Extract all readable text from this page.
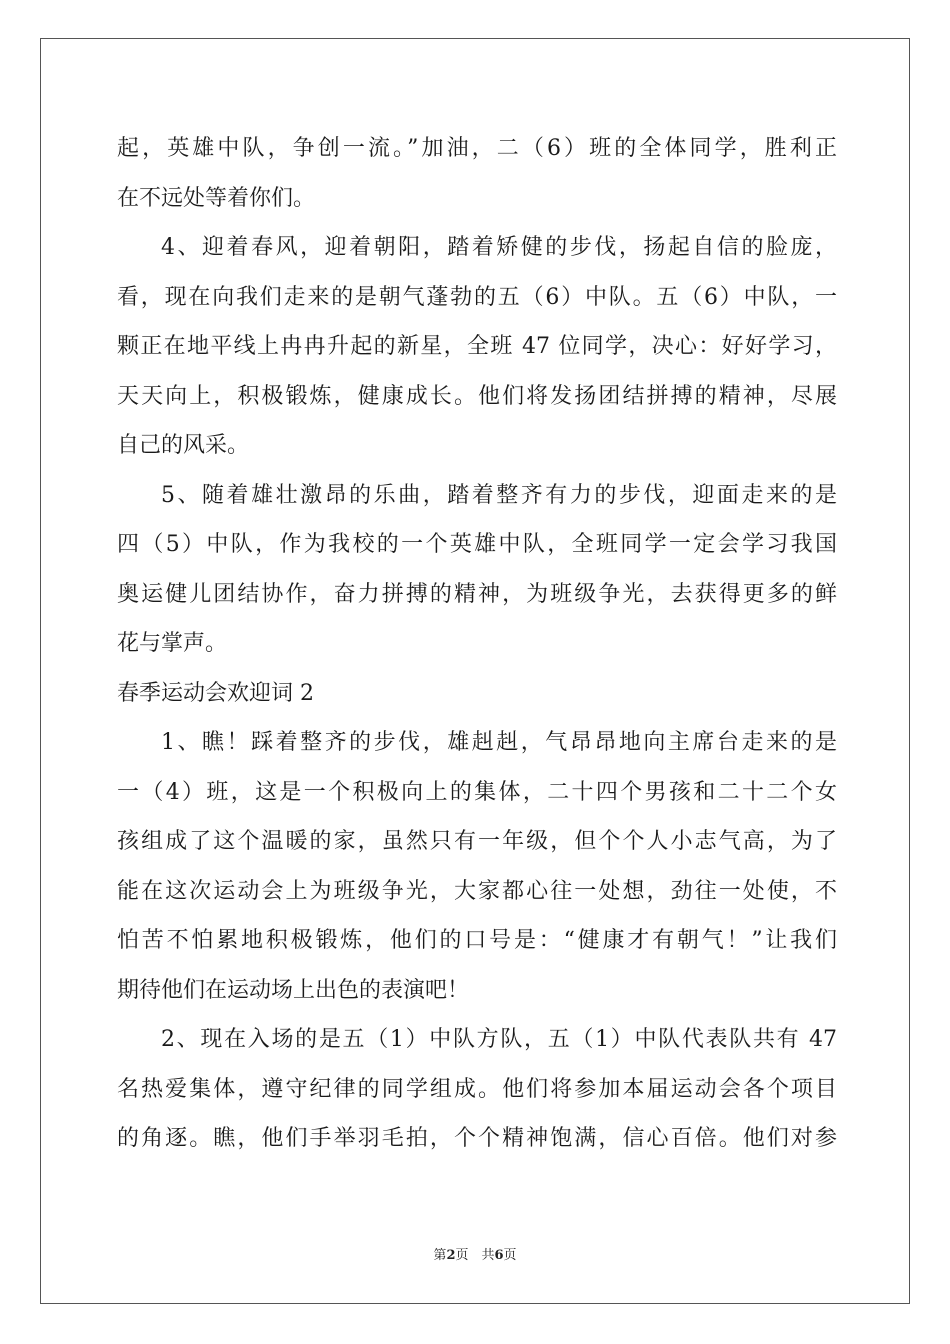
起，英雄中队，争创一流。”加油，二（6）班的全体同学，胜利正
在不远处等着你们。
4、迎着春风，迎着朝阳，踏着矫健的步伐，扬起自信的脸庞，
看，现在向我们走来的是朝气蓬勃的五（6）中队。五（6）中队，一
颗正在地平线上冉冉升起的新星，全班 47 位同学，决心：好好学习，
天天向上，积极锻炼，健康成长。他们将发扬团结拼搏的精神，尽展
自己的风采。
5、随着雄壮激昂的乐曲，踏着整齐有力的步伐，迎面走来的是
四（5）中队，作为我校的一个英雄中队，全班同学一定会学习我国
奥运健儿团结协作，奋力拼搏的精神，为班级争光，去获得更多的鲜
花与掌声。
春季运动会欢迎词 2
1、瞧！踩着整齐的步伐，雄赳赳，气昂昂地向主席台走来的是
一（4）班，这是一个积极向上的集体，二十四个男孩和二十二个女
孩组成了这个温暖的家，虽然只有一年级，但个个人小志气高，为了
能在这次运动会上为班级争光，大家都心往一处想，劲往一处使，不
怕苦不怕累地积极锻炼，他们的口号是：“健康才有朝气！”让我们
期待他们在运动场上出色的表演吧！
2、现在入场的是五（1）中队方队，五（1）中队代表队共有 47
名热爱集体，遵守纪律的同学组成。他们将参加本届运动会各个项目
的角逐。瞧，他们手举羽毛拍，个个精神饱满，信心百倍。他们对参
第2页　共6页
